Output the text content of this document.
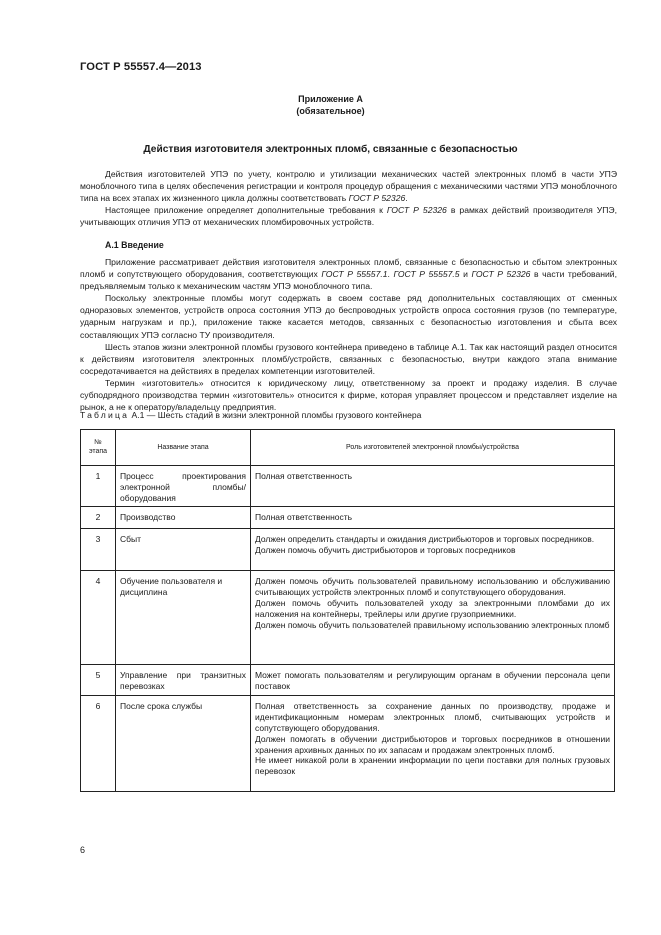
ГОСТ Р 55557.4—2013
Приложение А
(обязательное)
Действия изготовителя электронных пломб, связанные с безопасностью

Действия изготовителей УПЭ по учету, контролю и утилизации механических частей электронных пломб в части УПЭ моноблочного типа в целях обеспечения регистрации и контроля процедур обращения с механическими частями УПЭ моноблочного типа на всех этапах их жизненного цикла должны соответствовать ГОСТ Р 52326.

Настоящее приложение определяет дополнительные требования к ГОСТ Р 52326 в рамках действий производителя УПЭ, учитывающих отличия УПЭ от механических пломбировочных устройств.

А.1 Введение

Приложение рассматривает действия изготовителя электронных пломб, связанные с безопасностью и сбытом электронных пломб и сопутствующего оборудования, соответствующих ГОСТ Р 55557.1. ГОСТ Р 55557.5 и ГОСТ Р 52326 в части требований, предъявляемым только к механическим частям УПЭ моноблочного типа.

Поскольку электронные пломбы могут содержать в своем составе ряд дополнительных составляющих от сменных одноразовых элементов, устройств опроса состояния УПЭ до беспроводных устройств опроса состояния грузов (по температуре, ударным нагрузкам и пр.), приложение также касается методов, связанных с безопасностью изготовления и сбыта всех составляющих УПЭ согласно ТУ производителя.

Шесть этапов жизни электронной пломбы грузового контейнера приведено в таблице А.1. Так как настоящий раздел относится к действиям изготовителя электронных пломб/устройств, связанных с безопасностью, внутри каждого этапа внимание сосредотачивается на действиях в пределах компетенции изготовителей.

Термин «изготовитель» относится к юридическому лицу, ответственному за проект и продажу изделия. В случае субподрядного производства термин «изготовитель» относится к фирме, которая управляет процессом и представляет изделие на рынок, а не к оператору/владельцу предприятия.

Таблица А.1 — Шесть стадий в жизни электронной пломбы грузового контейнера
№ этапа	Название этапа	Роль изготовителей электронной пломбы/устройства
1	Процесс проектирования электронной пломбы/оборудования	Полная ответственность
2	Производство	Полная ответственность
3	Сбыт	Должен определить стандарты и ожидания дистрибьюторов и торговых посредников.
Должен помочь обучить дистрибьюторов и торговых посредников
4	Обучение пользователя и дисциплина	Должен помочь обучить пользователей правильному использованию и обслуживанию считывающих устройств электронных пломб и сопутствующего оборудования.
Должен помочь обучить пользователей уходу за электронными пломбами до их наложения на контейнеры, трейлеры или другие грузоприемники.
Должен помочь обучить пользователей правильному использованию электронных пломб
5	Управление при транзитных перевозках	Может помогать пользователям и регулирующим органам в обучении персонала цепи поставок
6	После срока службы	Полная ответственность за сохранение данных по производству, продаже и идентификационным номерам электронных пломб, считывающих устройств и сопутствующего оборудования.
Должен помогать в обучении дистрибьюторов и торговых посредников в отношении хранения архивных данных по их запасам и продажам электронных пломб.
Не имеет никакой роли в хранении информации по цепи поставки для полных грузовых перевозок
6
